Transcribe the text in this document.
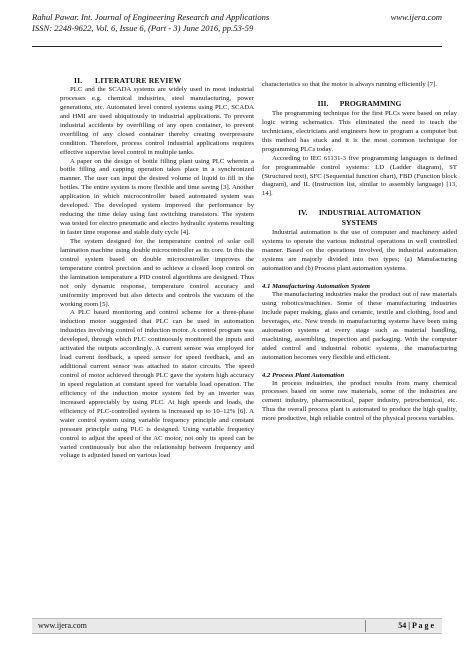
Rahul Pawar. Int. Journal of Engineering Research and Applications	www.ijera.com
ISSN: 2248-9622, Vol. 6, Issue 6, (Part - 3) June 2016, pp.53-59
II.      LITERATURE REVIEW

PLC and the SCADA systems are widely used in most industrial processes e.g. chemical industries, steel manufacturing, power generations, etc. Automated level control systems using PLC, SCADA and HMI are used ubiquitously in industrial applications. To prevent industrial accidents by overfilling of any open container, to prevent overfilling of any closed container thereby creating overpressure condition. Therefore, process control industrial applications requires effective supervise level control in multiple tanks.

A paper on the design of bottle filling plant using PLC wherein a bottle filling and capping operation takes place in a synchronized manner. The user can input the desired volume of liquid to fill in the bottles. The entire system is more flexible and time saving [3]. Another application in which microcontroller based automated system was developed. The developed system improved the performance by reducing the time delay using fast switching transistors. The system was tested for electro pneumatic and electro hydraulic systems resulting in faster time response and stable duty cycle [4].

The system designed for the temperature control of solar cell lamination machine using double microcontroller as its core. In this the control system based on double microcontroller improves the temperature control precision and to achieve a closed loop control on the lamination temperature a PID control algorithms are designed. Thus not only dynamic response, temperature control accuracy and uniformity improved but also detects and controls the vacuum of the working room [5].

A PLC based monitoring and control scheme for a three-phase induction motor suggested that PLC can be used in automation industries involving control of induction motor. A control program was developed, through which PLC continuously monitored the inputs and activated the outputs accordingly. A current sensor was employed for load current feedback, a speed sensor for speed feedback, and an additional current sensor was attached to stator circuits. The speed control of motor achieved through PLC gave the system high accuracy in speed regulation at constant speed for variable load operation. The efficiency of the induction motor system fed by an inverter was increased appreciably by using PLC. At high speeds and loads, the efficiency of PLC-controlled system is increased up to 10–12% [6]. A water control system using variable frequency principle and constant pressure principle using PLC is designed. Using variable frequency control to adjust the speed of the AC motor, not only its speed can be varied continuously but also the relationship between frequency and voltage is adjusted based on various load

characteristics so that the motor is always running efficiently [7].

III.      PROGRAMMING

The programming technique for the first PLCs were based on relay logic wiring schematics. This eliminated the need to teach the technicians, electricians and engineers how to program a computer but this method has stuck and it is the most common technique for programming PLCs today.

According to IEC 61131-3 five programming languages is defined for programmable control systems: LD (Ladder diagram), ST (Structured text), SFC (Sequential function chart), FBD (Function block diagram), and IL (Instruction list, similar to assembly language) [13, 14].

IV.      INDUSTRIAL AUTOMATION
SYSTEMS

Industrial automation is the use of computer and machinery aided systems to operate the various industrial operations in well controlled manner. Based on the operations involved, the industrial automation systems are majorly divided into two types; (a) Manufacturing automation and (b) Process plant automation systems.

4.1 Manufacturing Automation System

The manufacturing industries make the product out of raw materials using robotics/machines. Some of these manufacturing industries include paper making, glass and ceramic, textile and clothing, food and beverages, etc. New trends in manufacturing systems have been using automation systems at every stage such as material handling, machining, assembling, inspection and packaging. With the computer aided control and industrial robotic systems, the manufacturing automation becomes very flexible and efficient.

4.2 Process Plant Automation

In process industries, the product results from many chemical processes based on some raw materials, some of the industries are cement industry, pharmaceutical, paper industry, petrochemical, etc. Thus the overall process plant is automated to produce the high quality, more productive, high reliable control of the physical process variables.

www.ijera.com	54 | P a g e
